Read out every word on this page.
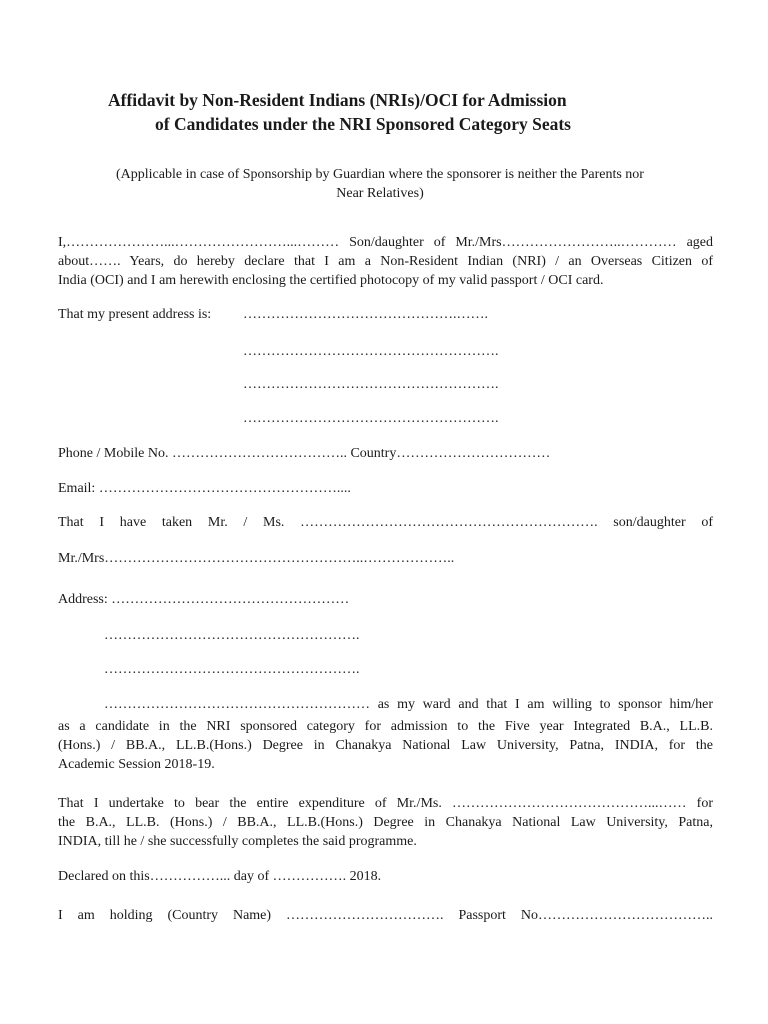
Affidavit by Non-Resident Indians (NRIs)/OCI for Admission
of Candidates under the NRI Sponsored Category Seats
(Applicable in case of Sponsorship by Guardian where the sponsorer is neither the Parents nor
Near Relatives)
I,…………………...……………………...……… Son/daughter of Mr./Mrs……………………..………… aged
about……. Years, do hereby declare that I am a Non-Resident Indian (NRI) / an Overseas Citizen of
India (OCI) and I am herewith enclosing the certified photocopy of my valid passport / OCI card.
That my present address is: ……………………………………….…….
……………………………………………….
……………………………………………….
……………………………………………….
Phone / Mobile No. ……………………………….. Country……………………………
Email: ……………………………………………....
That I have taken Mr. / Ms. ………………………………………………………. son/daughter of
Mr./Mrs………………………………………………..………………..
Address: ……………………………………………
……………………………………………….
……………………………………………….
………………………………………………… as my ward and that I am willing to sponsor him/her
as a candidate in the NRI sponsored category for admission to the Five year Integrated B.A., LL.B.
(Hons.) / BB.A., LL.B.(Hons.) Degree in Chanakya National Law University, Patna, INDIA, for the
Academic Session 2018-19.
That I undertake to bear the entire expenditure of Mr./Ms. ……………………………………...…… for
the B.A., LL.B. (Hons.) / BB.A., LL.B.(Hons.) Degree in Chanakya National Law University, Patna,
INDIA, till he / she successfully completes the said programme.
Declared on this……………... day of ……………. 2018.
I am holding (Country Name) ……………………………. Passport No………………………………..
